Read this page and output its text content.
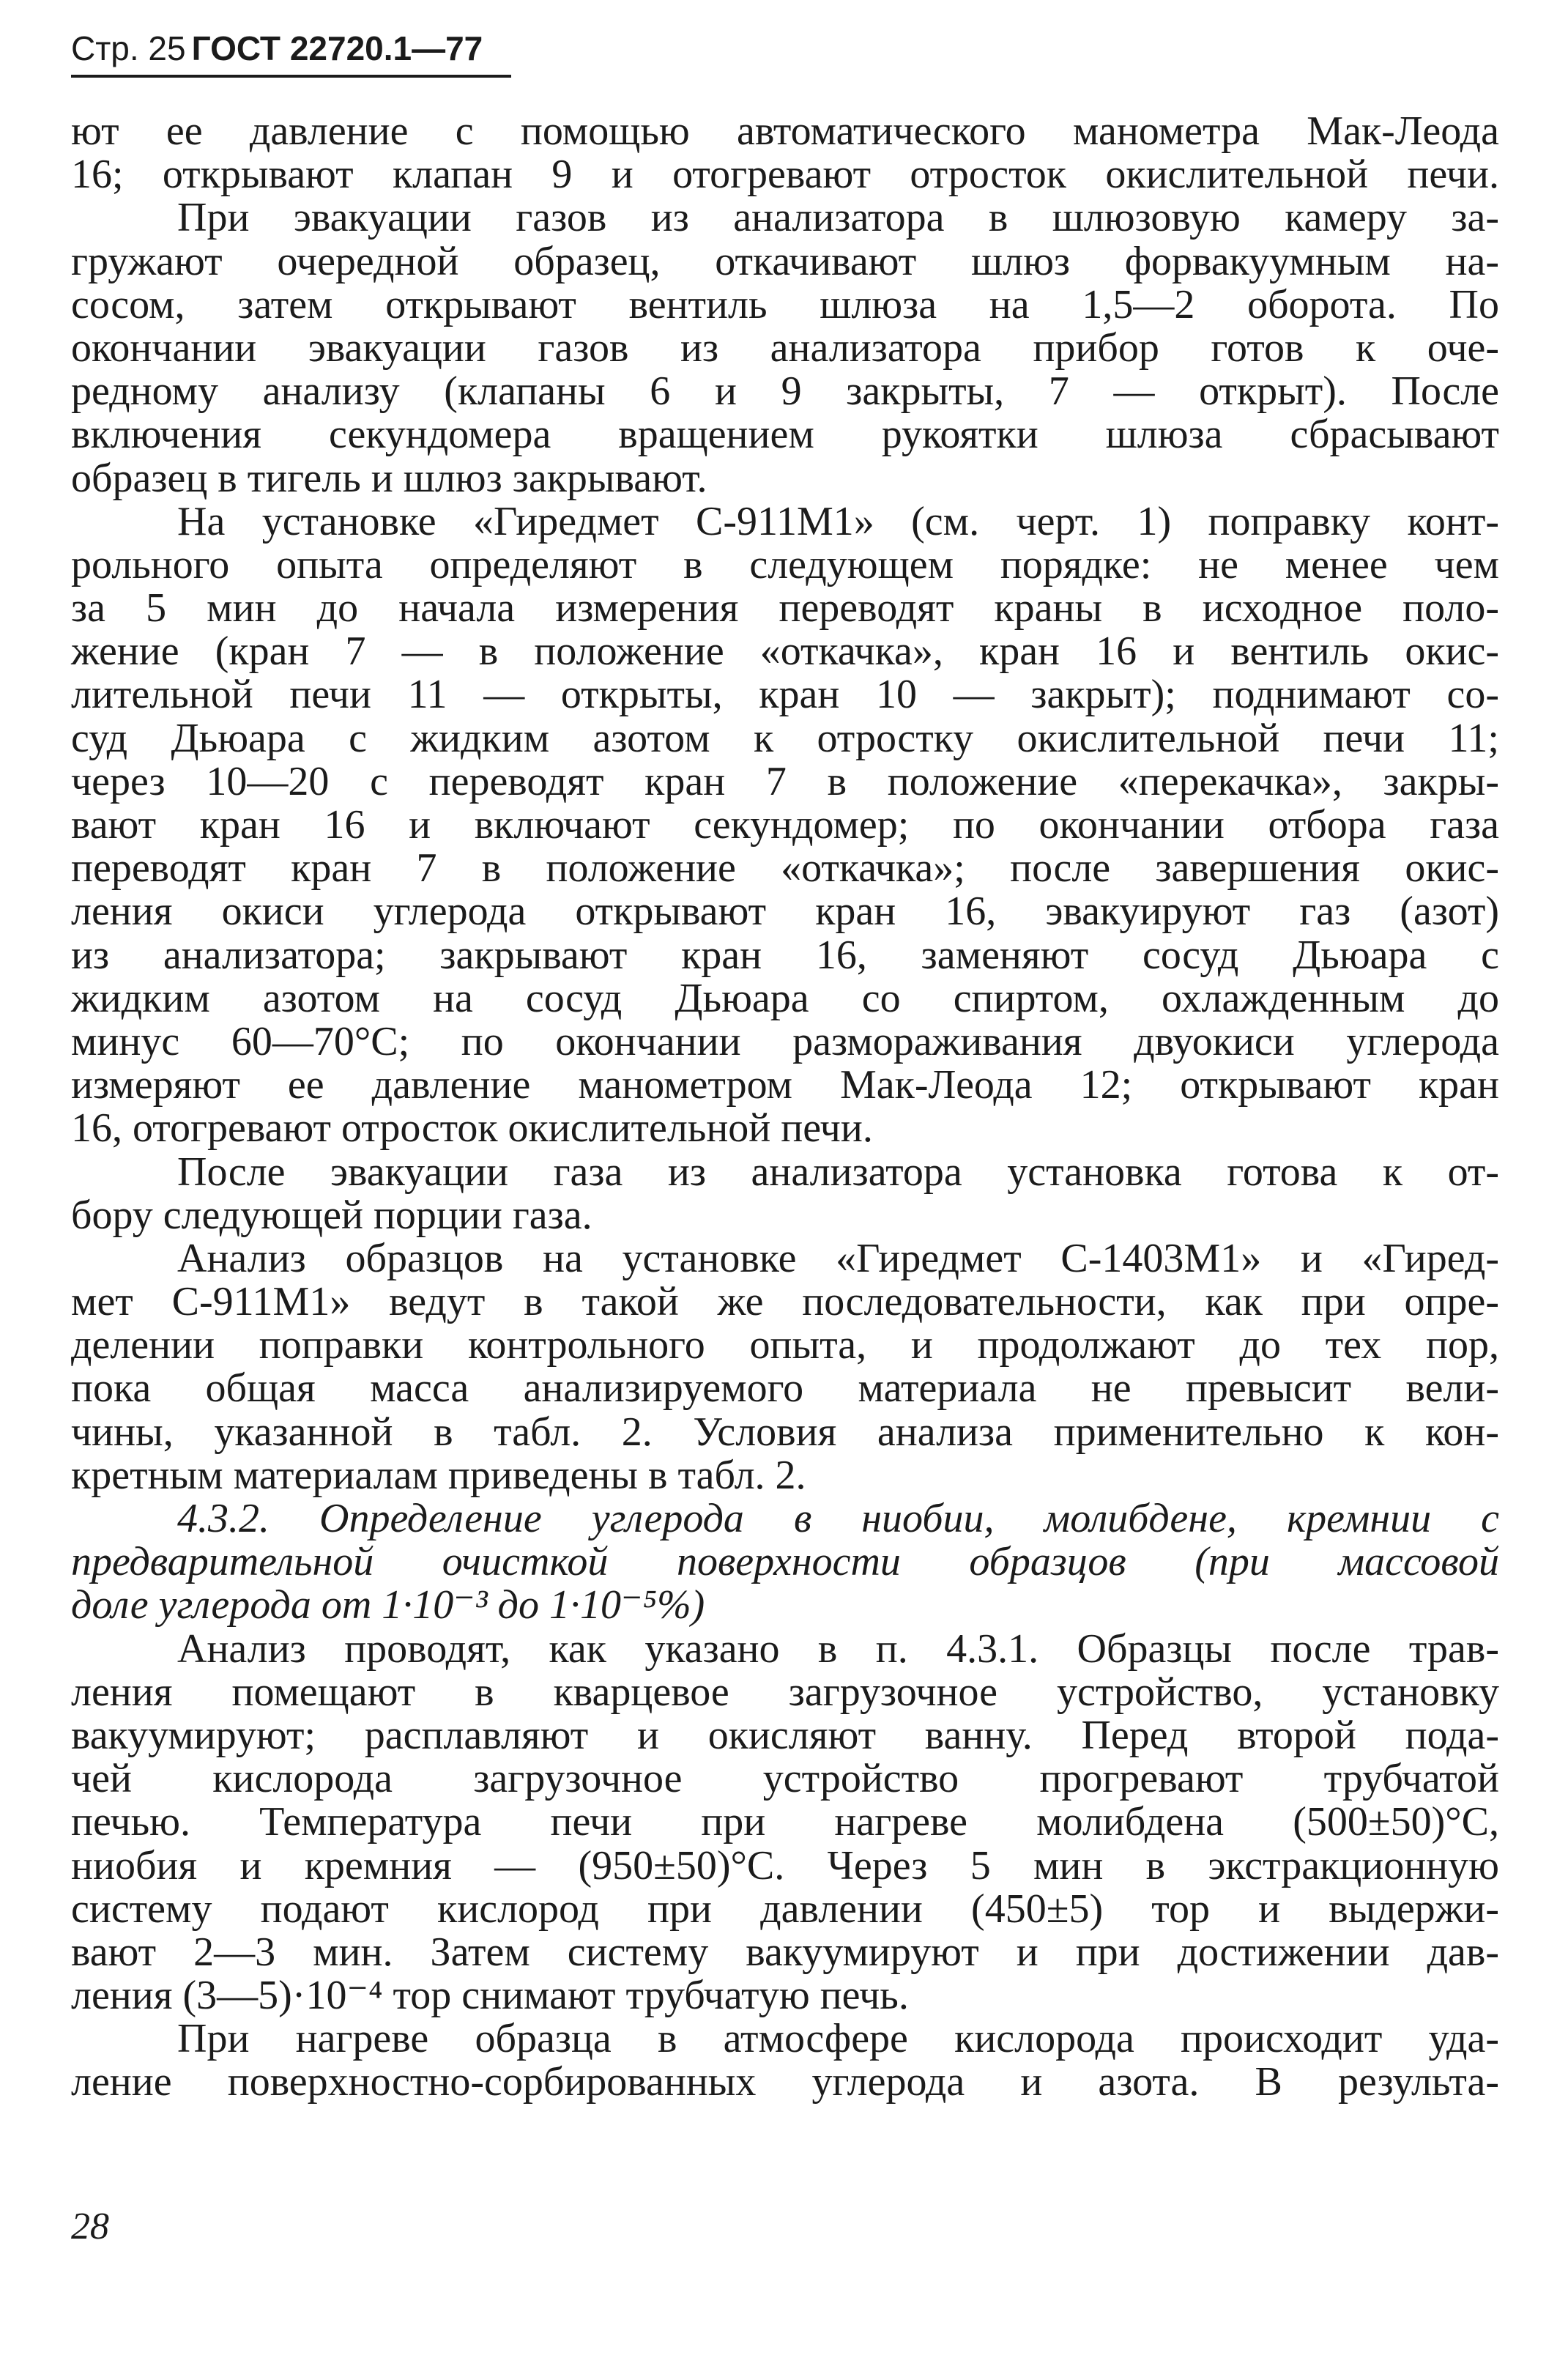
Стр. 25 ГОСТ 22720.1—77
ют ее давление с помощью автоматического манометра Мак-Леода
16; открывают клапан 9 и отогревают отросток окислительной печи.
При эвакуации газов из анализатора в шлюзовую камеру за-
гружают очередной образец, откачивают шлюз форвакуумным на-
сосом, затем открывают вентиль шлюза на 1,5—2 оборота. По
окончании эвакуации газов из анализатора прибор готов к оче-
редному анализу (клапаны 6 и 9 закрыты, 7 — открыт). После
включения секундомера вращением рукоятки шлюза сбрасывают
образец в тигель и шлюз закрывают.
На установке «Гиредмет С-911М1» (см. черт. 1) поправку конт-
рольного опыта определяют в следующем порядке: не менее чем
за 5 мин до начала измерения переводят краны в исходное поло-
жение (кран 7 — в положение «откачка», кран 16 и вентиль окис-
лительной печи 11 — открыты, кран 10 — закрыт); поднимают со-
суд Дьюара с жидким азотом к отростку окислительной печи 11;
через 10—20 с переводят кран 7 в положение «перекачка», закры-
вают кран 16 и включают секундомер; по окончании отбора газа
переводят кран 7 в положение «откачка»; после завершения окис-
ления окиси углерода открывают кран 16, эвакуируют газ (азот)
из анализатора; закрывают кран 16, заменяют сосуд Дьюара с
жидким азотом на сосуд Дьюара со спиртом, охлажденным до
минус 60—70°С; по окончании размораживания двуокиси углерода
измеряют ее давление манометром Мак-Леода 12; открывают кран
16, отогревают отросток окислительной печи.
После эвакуации газа из анализатора установка готова к от-
бору следующей порции газа.
Анализ образцов на установке «Гиредмет С-1403М1» и «Гиред-
мет С-911М1» ведут в такой же последовательности, как при опре-
делении поправки контрольного опыта, и продолжают до тех пор,
пока общая масса анализируемого материала не превысит вели-
чины, указанной в табл. 2. Условия анализа применительно к кон-
кретным материалам приведены в табл. 2.
4.3.2. Определение углерода в ниобии, молибдене, кремнии с
предварительной очисткой поверхности образцов (при массовой
доле углерода от 1·10⁻³ до 1·10⁻⁵%)
Анализ проводят, как указано в п. 4.3.1. Образцы после трав-
ления помещают в кварцевое загрузочное устройство, установку
вакуумируют; расплавляют и окисляют ванну. Перед второй пода-
чей кислорода загрузочное устройство прогревают трубчатой
печью. Температура печи при нагреве молибдена (500±50)°С,
ниобия и кремния — (950±50)°С. Через 5 мин в экстракционную
систему подают кислород при давлении (450±5) тор и выдержи-
вают 2—3 мин. Затем систему вакуумируют и при достижении дав-
ления (3—5)·10⁻⁴ тор снимают трубчатую печь.
При нагреве образца в атмосфере кислорода происходит уда-
ление поверхностно-сорбированных углерода и азота. В результа-
28
